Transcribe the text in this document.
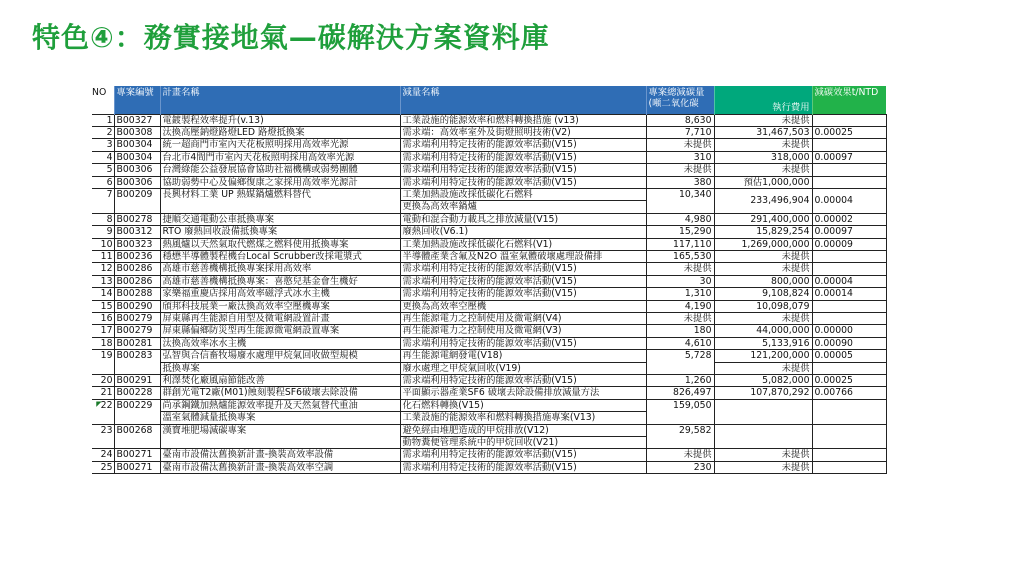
特色④：務實接地氣—碳解決方案資料庫
NO	專案編號	計畫名稱	減量名稱	專案總減碳量(噸二氧化碳	執行費用	減碳效果t/NTD
1	B00327	電鍍製程效率提升(v.13)	工業設施的能源效率和燃料轉換措施 (v13)	8,630	未提供	
2	B00308	汰換高壓鈉燈路燈LED 路燈抵換案	需求端：高效率室外及街燈照明技術(V2)	7,710	31,467,503	0.00025
3	B00304	統一超商門市室內天花板照明採用高效率光源	需求端利用特定技術的能源效率活動(V15)	未提供	未提供	
4	B00304	台北市4間門市室內天花板照明採用高效率光源	需求端利用特定技術的能源效率活動(V15)	310	318,000	0.00097
5	B00306	台灣綠能公益發展協會協助社福機構或弱勢團體	需求端利用特定技術的能源效率活動(V15)	未提供	未提供	
6	B00306	協助弱勢中心及偏鄉復康之家採用高效率光源計	需求端利用特定技術的能源效率活動(V15)	380	預估1,000,000	
7	B00209	長興材料工業 UP 熱媒鍋爐燃料替代	工業加熱設施改採低碳化石燃料	10,340	233,496,904	0.00004
			更換為高效率鍋爐			
8	B00278	捷順交通電動公車抵換專案	電動和混合動力載具之排放減量(V15)	4,980	291,400,000	0.00002
9	B00312	RTO 廢熱回收設備抵換專案	廢熱回收(V6.1)	15,290	15,829,254	0.00097
10	B00323	熱風爐以天然氣取代燃煤之燃料使用抵換專案	工業加熱設施改採低碳化石燃料(V1)	117,110	1,269,000,000	0.00009
11	B00236	穩懋半導體製程機台Local Scrubber改採電漿式	半導體產業含氟及N2O 溫室氣體破壞處理設備排	165,530	未提供	
12	B00286	高雄市慈善機構抵換專案採用高效率	需求端利用特定技術的能源效率活動(V15)	未提供	未提供	
13	B00286	高雄市慈善機構抵換專案：喜憨兒基金會生機好	需求端利用特定技術的能源效率活動(V15)	30	800,000	0.00004
14	B00288	家樂福重慶店採用高效率磁浮式冰水主機	需求端利用特定技術的能源效率活動(V15)	1,310	9,108,824	0.00014
15	B00290	頎邦科技展業一廠汰換高效率空壓機專案	更換為高效率空壓機	4,190	10,098,079	
16	B00279	屏東縣再生能源自用型及微電網設置計畫	再生能源電力之控制使用及微電網(V4)	未提供	未提供	
17	B00279	屏東縣偏鄉防災型再生能源微電網設置專案	再生能源電力之控制使用及微電網(V3)	180	44,000,000	0.00000
18	B00281	汰換高效率冰水主機	需求端利用特定技術的能源效率活動(V15)	4,610	5,133,916	0.00090
19	B00283	弘智與合信畜牧場廢水處理甲烷氣回收做型規模	再生能源電網發電(V18)	5,728	121,200,000	0.00005
		抵換專案	廢水處理之甲烷氣回收(V19)		未提供	
20	B00291	利澤焚化廠風扇節能改善	需求端利用特定技術的能源效率活動(V15)	1,260	5,082,000	0.00025
21	B00228	群創光電T2廠(M01)蝕刻製程SF6破壞去除設備	平面顯示器產業SF6 破壞去除設備排放減量方法	826,497	107,870,292	0.00766
◤22	B00229	尚承鋼鐵加熱爐能源效率提升及天然氣替代重油	化石燃料轉換(V15)	159,050		
		溫室氣體減量抵換專案	工業設施的能源效率和燃料轉換措施專案(V13)			
23	B00268	漢寶堆肥場減碳專案	避免經由堆肥造成的甲烷排放(V12)	29,582		
			動物糞便管理系統中的甲烷回收(V21)			
24	B00271	臺南市設備汰舊換新計畫-換裝高效率設備	需求端利用特定技術的能源效率活動(V15)	未提供	未提供	
25	B00271	臺南市設備汰舊換新計畫-換裝高效率空調	需求端利用特定技術的能源效率活動(V15)	230	未提供	
